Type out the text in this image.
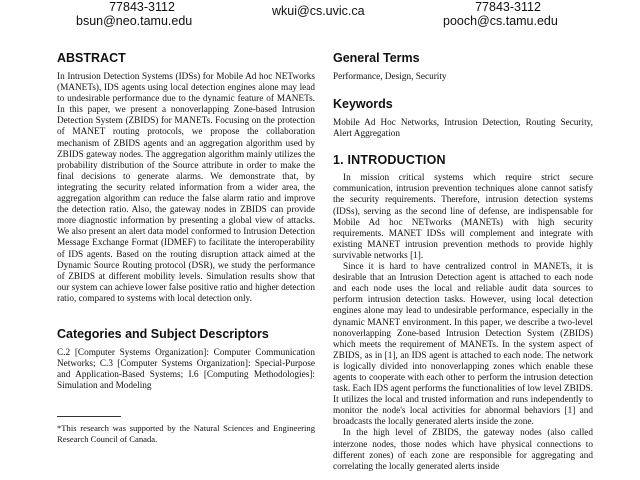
77843-3112
bsun@neo.tamu.edu
wkui@cs.uvic.ca	77843-3112
pooch@cs.tamu.edu
ABSTRACT

In Intrusion Detection Systems (IDSs) for Mobile Ad hoc NETworks (MANETs), IDS agents using local detection engines alone may lead to undesirable performance due to the dynamic feature of MANETs. In this paper, we present a nonoverlapping Zone-based Intrusion Detection System (ZBIDS) for MANETs. Focusing on the protection of MANET routing protocols, we propose the collaboration mechanism of ZBIDS agents and an aggregation algorithm used by ZBIDS gateway nodes. The aggregation algorithm mainly utilizes the probability distribution of the Source attribute in order to make the final decisions to generate alarms. We demonstrate that, by integrating the security related information from a wider area, the aggregation algorithm can reduce the false alarm ratio and improve the detection ratio. Also, the gateway nodes in ZBIDS can provide more diagnostic information by presenting a global view of attacks. We also present an alert data model conformed to Intrusion Detection Message Exchange Format (IDMEF) to facilitate the interoperability of IDS agents. Based on the routing disruption attack aimed at the Dynamic Source Routing protocol (DSR), we study the performance of ZBIDS at different mobility levels. Simulation results show that our system can achieve lower false positive ratio and higher detection ratio, compared to systems with local detection only.

Categories and Subject Descriptors

C.2 [Computer Systems Organization]: Computer Communication Networks; C.3 [Computer Systems Organization]: Special-Purpose and Application-Based Systems; I.6 [Computing Methodologies]: Simulation and Modeling

*This research was supported by the Natural Sciences and Engineering Research Council of Canada.

General Terms

Performance, Design, Security

Keywords

Mobile Ad Hoc Networks, Intrusion Detection, Routing Security, Alert Aggregation

1. INTRODUCTION

In mission critical systems which require strict secure communication, intrusion prevention techniques alone cannot satisfy the security requirements. Therefore, intrusion detection systems (IDSs), serving as the second line of defense, are indispensable for Mobile Ad hoc NETworks (MANETs) with high security requirements. MANET IDSs will complement and integrate with existing MANET intrusion prevention methods to provide highly survivable networks [1].

Since it is hard to have centralized control in MANETs, it is desirable that an Intrusion Detection agent is attached to each node and each node uses the local and reliable audit data sources to perform intrusion detection tasks. However, using local detection engines alone may lead to undesirable performance, especially in the dynamic MANET environment. In this paper, we describe a two-level nonoverlapping Zone-based Intrusion Detection System (ZBIDS) which meets the requirement of MANETs. In the system aspect of ZBIDS, as in [1], an IDS agent is attached to each node. The network is logically divided into nonoverlapping zones which enable these agents to cooperate with each other to perform the intrusion detection task. Each IDS agent performs the functionalities of low level ZBIDS. It utilizes the local and trusted information and runs independently to monitor the node's local activities for abnormal behaviors [1] and broadcasts the locally generated alerts inside the zone.

In the high level of ZBIDS, the gateway nodes (also called interzone nodes, those nodes which have physical connections to different zones) of each zone are responsible for aggregating and correlating the locally generated alerts inside
